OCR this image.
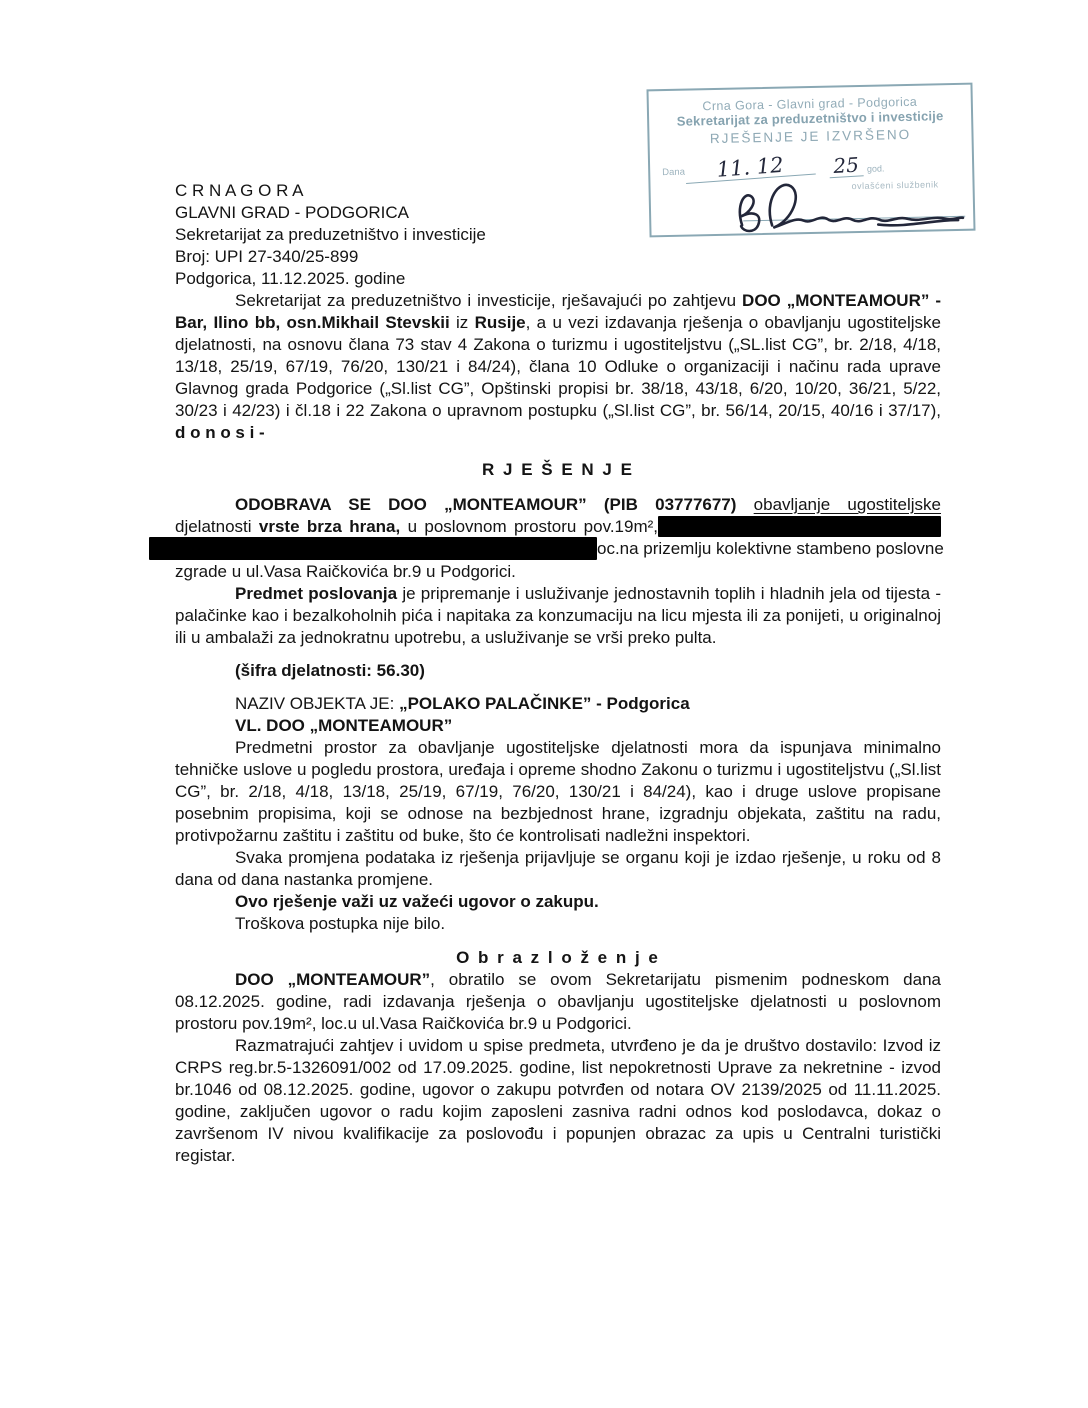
Crna Gora - Glavni grad - Podgorica
Sekretarijat za preduzetništvo i investicije
RJEŠENJE JE IZVRŠENO
Dana	11. 12	25 god.
ovlašćeni službenik
C R N A G O R A
GLAVNI GRAD - PODGORICA
Sekretarijat za preduzetništvo i investicije
Broj: UPI 27-340/25-899
Podgorica, 11.12.2025. godine

Sekretarijat za preduzetništvo i investicije, rješavajući po zahtjevu DOO „MONTEAMOUR” - Bar, Ilino bb, osn.Mikhail Stevskii iz Rusije, a u vezi izdavanja rješenja o obavljanju ugostiteljske djelatnosti, na osnovu člana 73 stav 4 Zakona o turizmu i ugostiteljstvu („SL.list CG”, br. 2/18, 4/18, 13/18, 25/19, 67/19, 76/20, 130/21 i 84/24), člana 10 Odluke o organizaciji i načinu rada uprave Glavnog grada Podgorice („Sl.list CG”, Opštinski propisi br. 38/18, 43/18, 6/20, 10/20, 36/21, 5/22, 30/23 i 42/23) i čl.18 i 22 Zakona o upravnom postupku („Sl.list CG”, br. 56/14, 20/15, 40/16 i 37/17), d o n o s i -

R J E Š E N J E
ODOBRAVA SE DOO „MONTEAMOUR” (PIB 03777677) obavljanje ugostiteljske
djelatnosti vrste brza hrana, u poslovnom prostoru pov.19m²,
oc.na prizemlju kolektivne stambeno poslovne
zgrade u ul.Vasa Raičkovića br.9 u Podgorici.

Predmet poslovanja je pripremanje i usluživanje jednostavnih toplih i hladnih jela od tijesta - palačinke kao i bezalkoholnih pića i napitaka za konzumaciju na licu mjesta ili za ponijeti, u originalnoj ili u ambalaži za jednokratnu upotrebu, a usluživanje se vrši preko pulta.

(šifra djelatnosti: 56.30)
NAZIV OBJEKTA JE: „POLAKO PALAČINKE” - Podgorica
VL. DOO „MONTEAMOUR”

Predmetni prostor za obavljanje ugostiteljske djelatnosti mora da ispunjava minimalno tehničke uslove u pogledu prostora, uređaja i opreme shodno Zakonu o turizmu i ugostiteljstvu („Sl.list CG”, br. 2/18, 4/18, 13/18, 25/19, 67/19, 76/20, 130/21 i 84/24), kao i druge uslove propisane posebnim propisima, koji se odnose na bezbjednost hrane, izgradnju objekata, zaštitu na radu, protivpožarnu zaštitu i zaštitu od buke, što će kontrolisati nadležni inspektori.

Svaka promjena podataka iz rješenja prijavljuje se organu koji je izdao rješenje, u roku od 8 dana od dana nastanka promjene.

Ovo rješenje važi uz važeći ugovor o zakupu.
Troškova postupka nije bilo.
O b r a z l o ž e n j e

DOO „MONTEAMOUR”, obratilo se ovom Sekretarijatu pismenim podneskom dana 08.12.2025. godine, radi izdavanja rješenja o obavljanju ugostiteljske djelatnosti u poslovnom prostoru pov.19m², loc.u ul.Vasa Raičkovića br.9 u Podgorici.

Razmatrajući zahtjev i uvidom u spise predmeta, utvrđeno je da je društvo dostavilo: Izvod iz CRPS reg.br.5-1326091/002 od 17.09.2025. godine, list nepokretnosti Uprave za nekretnine - izvod br.1046 od 08.12.2025. godine, ugovor o zakupu potvrđen od notara OV 2139/2025 od 11.11.2025. godine, zaključen ugovor o radu kojim zaposleni zasniva radni odnos kod poslodavca, dokaz o završenom IV nivou kvalifikacije za poslovođu i popunjen obrazac za upis u Centralni turistički registar.
